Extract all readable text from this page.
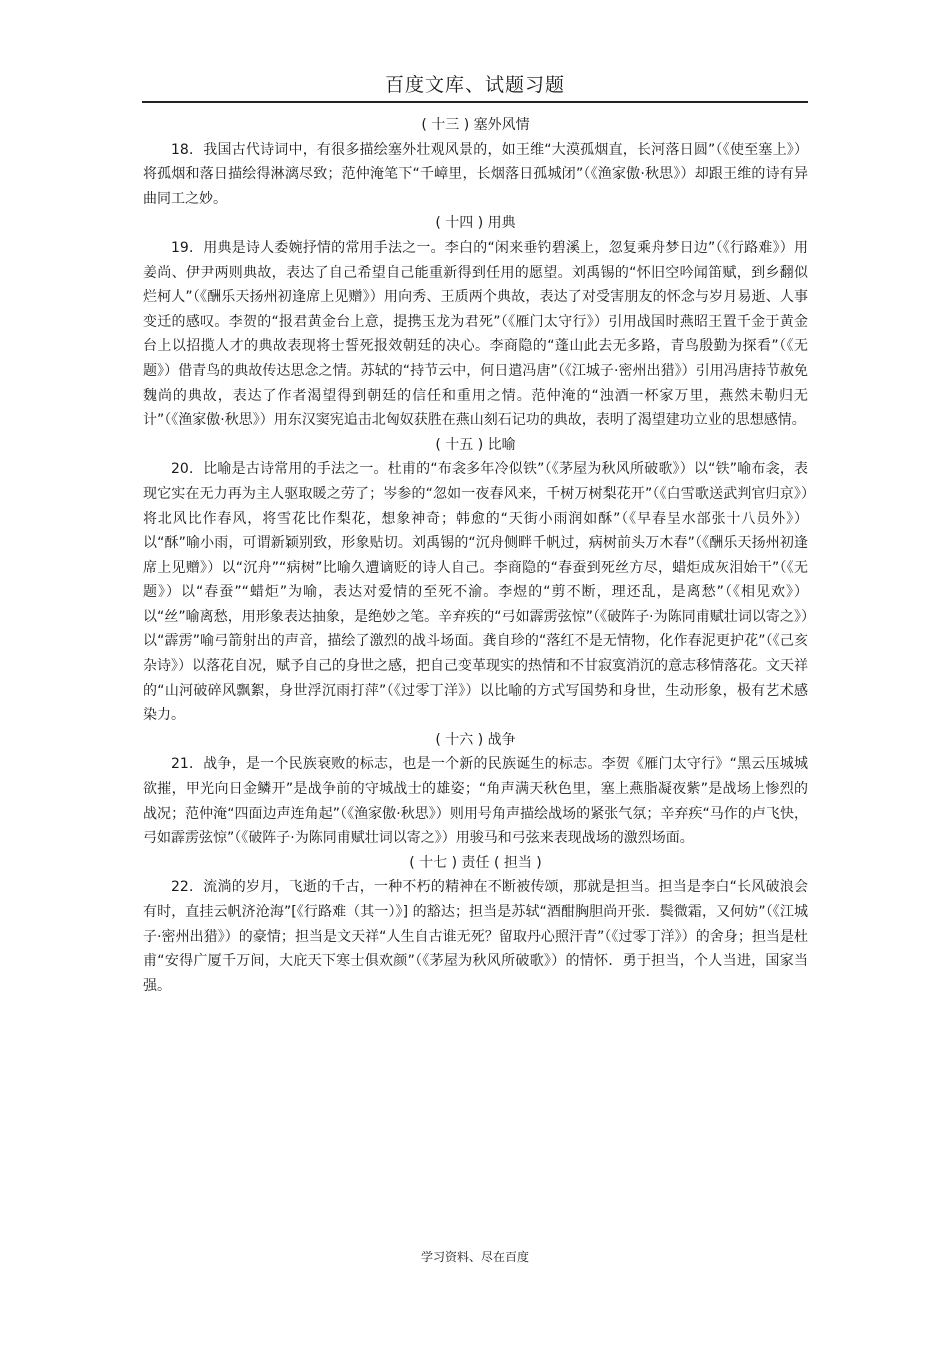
百度文库、试题习题
( 十三 ) 塞外风情
18．我国古代诗词中，有很多描绘塞外壮观风景的，如王维“大漠孤烟直，长河落日圆”（《使至塞上》）将孤烟和落日描绘得淋漓尽致；范仲淹笔下“千嶂里，长烟落日孤城闭”（《渔家傲·秋思》）却跟王维的诗有异曲同工之妙。
( 十四 ) 用典
19．用典是诗人委婉抒情的常用手法之一。李白的“闲来垂钓碧溪上，忽复乘舟梦日边”（《行路难》）用姜尚、伊尹两则典故，表达了自己希望自己能重新得到任用的愿望。刘禹锡的“怀旧空吟闻笛赋，到乡翻似烂柯人”（《酬乐天扬州初逢席上见赠》）用向秀、王质两个典故，表达了对受害朋友的怀念与岁月易逝、人事变迁的感叹。李贺的“报君黄金台上意，提携玉龙为君死”（《雁门太守行》）引用战国时燕昭王置千金于黄金台上以招揽人才的典故表现将士誓死报效朝廷的决心。李商隐的“蓬山此去无多路，青鸟殷勤为探看”（《无题》）借青鸟的典故传达思念之情。苏轼的“持节云中，何日遣冯唐”（《江城子·密州出猎》）引用冯唐持节赦免魏尚的典故，表达了作者渴望得到朝廷的信任和重用之情。范仲淹的“浊酒一杯家万里，燕然未勒归无计”（《渔家傲·秋思》）用东汉窦宪追击北匈奴获胜在燕山刻石记功的典故，表明了渴望建功立业的思想感情。
( 十五 ) 比喻
20．比喻是古诗常用的手法之一。杜甫的“布衾多年冷似铁”（《茅屋为秋风所破歌》）以“铁”喻布衾，表现它实在无力再为主人驱取暖之劳了；岑参的“忽如一夜春风来，千树万树梨花开”（《白雪歌送武判官归京》）将北风比作春风，将雪花比作梨花，想象神奇；韩愈的“天街小雨润如酥”（《早春呈水部张十八员外》）以“酥”喻小雨，可谓新颖别致，形象贴切。刘禹锡的“沉舟侧畔千帆过，病树前头万木春”（《酬乐天扬州初逢席上见赠》）以“沉舟”“病树”比喻久遭谪贬的诗人自己。李商隐的“春蚕到死丝方尽，蜡炬成灰泪始干”（《无题》）以“春蚕”“蜡炬”为喻，表达对爱情的至死不渝。李煜的“剪不断，理还乱，是离愁”（《相见欢》）以“丝”喻离愁，用形象表达抽象，是绝妙之笔。辛弃疾的“弓如霹雳弦惊”（《破阵子·为陈同甫赋壮词以寄之》）以“霹雳”喻弓箭射出的声音，描绘了激烈的战斗场面。龚自珍的“落红不是无情物，化作春泥更护花”（《己亥杂诗》）以落花自况，赋予自己的身世之感，把自己变革现实的热情和不甘寂寞消沉的意志移情落花。文天祥的“山河破碎风飘絮，身世浮沉雨打萍”（《过零丁洋》）以比喻的方式写国势和身世，生动形象，极有艺术感染力。
( 十六 ) 战争
21．战争，是一个民族衰败的标志，也是一个新的民族诞生的标志。李贺《雁门太守行》“黑云压城城欲摧，甲光向日金鳞开”是战争前的守城战士的雄姿；“角声满天秋色里，塞上燕脂凝夜紫”是战场上惨烈的战况；范仲淹“四面边声连角起”（《渔家傲·秋思》）则用号角声描绘战场的紧张气氛；辛弃疾“马作的卢飞快，弓如霹雳弦惊”（《破阵子·为陈同甫赋壮词以寄之》）用骏马和弓弦来表现战场的激烈场面。
( 十七 ) 责任 ( 担当 )
22．流淌的岁月，飞逝的千古，一种不朽的精神在不断被传颂，那就是担当。担当是李白“长风破浪会有时，直挂云帆济沧海”[《行路难（其一）》] 的豁达；担当是苏轼“酒酣胸胆尚开张．鬓微霜，又何妨”（《江城子·密州出猎》）的豪情；担当是文天祥“人生自古谁无死？留取丹心照汗青”（《过零丁洋》）的舍身；担当是杜甫“安得广厦千万间，大庇天下寒士俱欢颜”（《茅屋为秋风所破歌》）的情怀．勇于担当，个人当进，国家当强。
学习资料、尽在百度
